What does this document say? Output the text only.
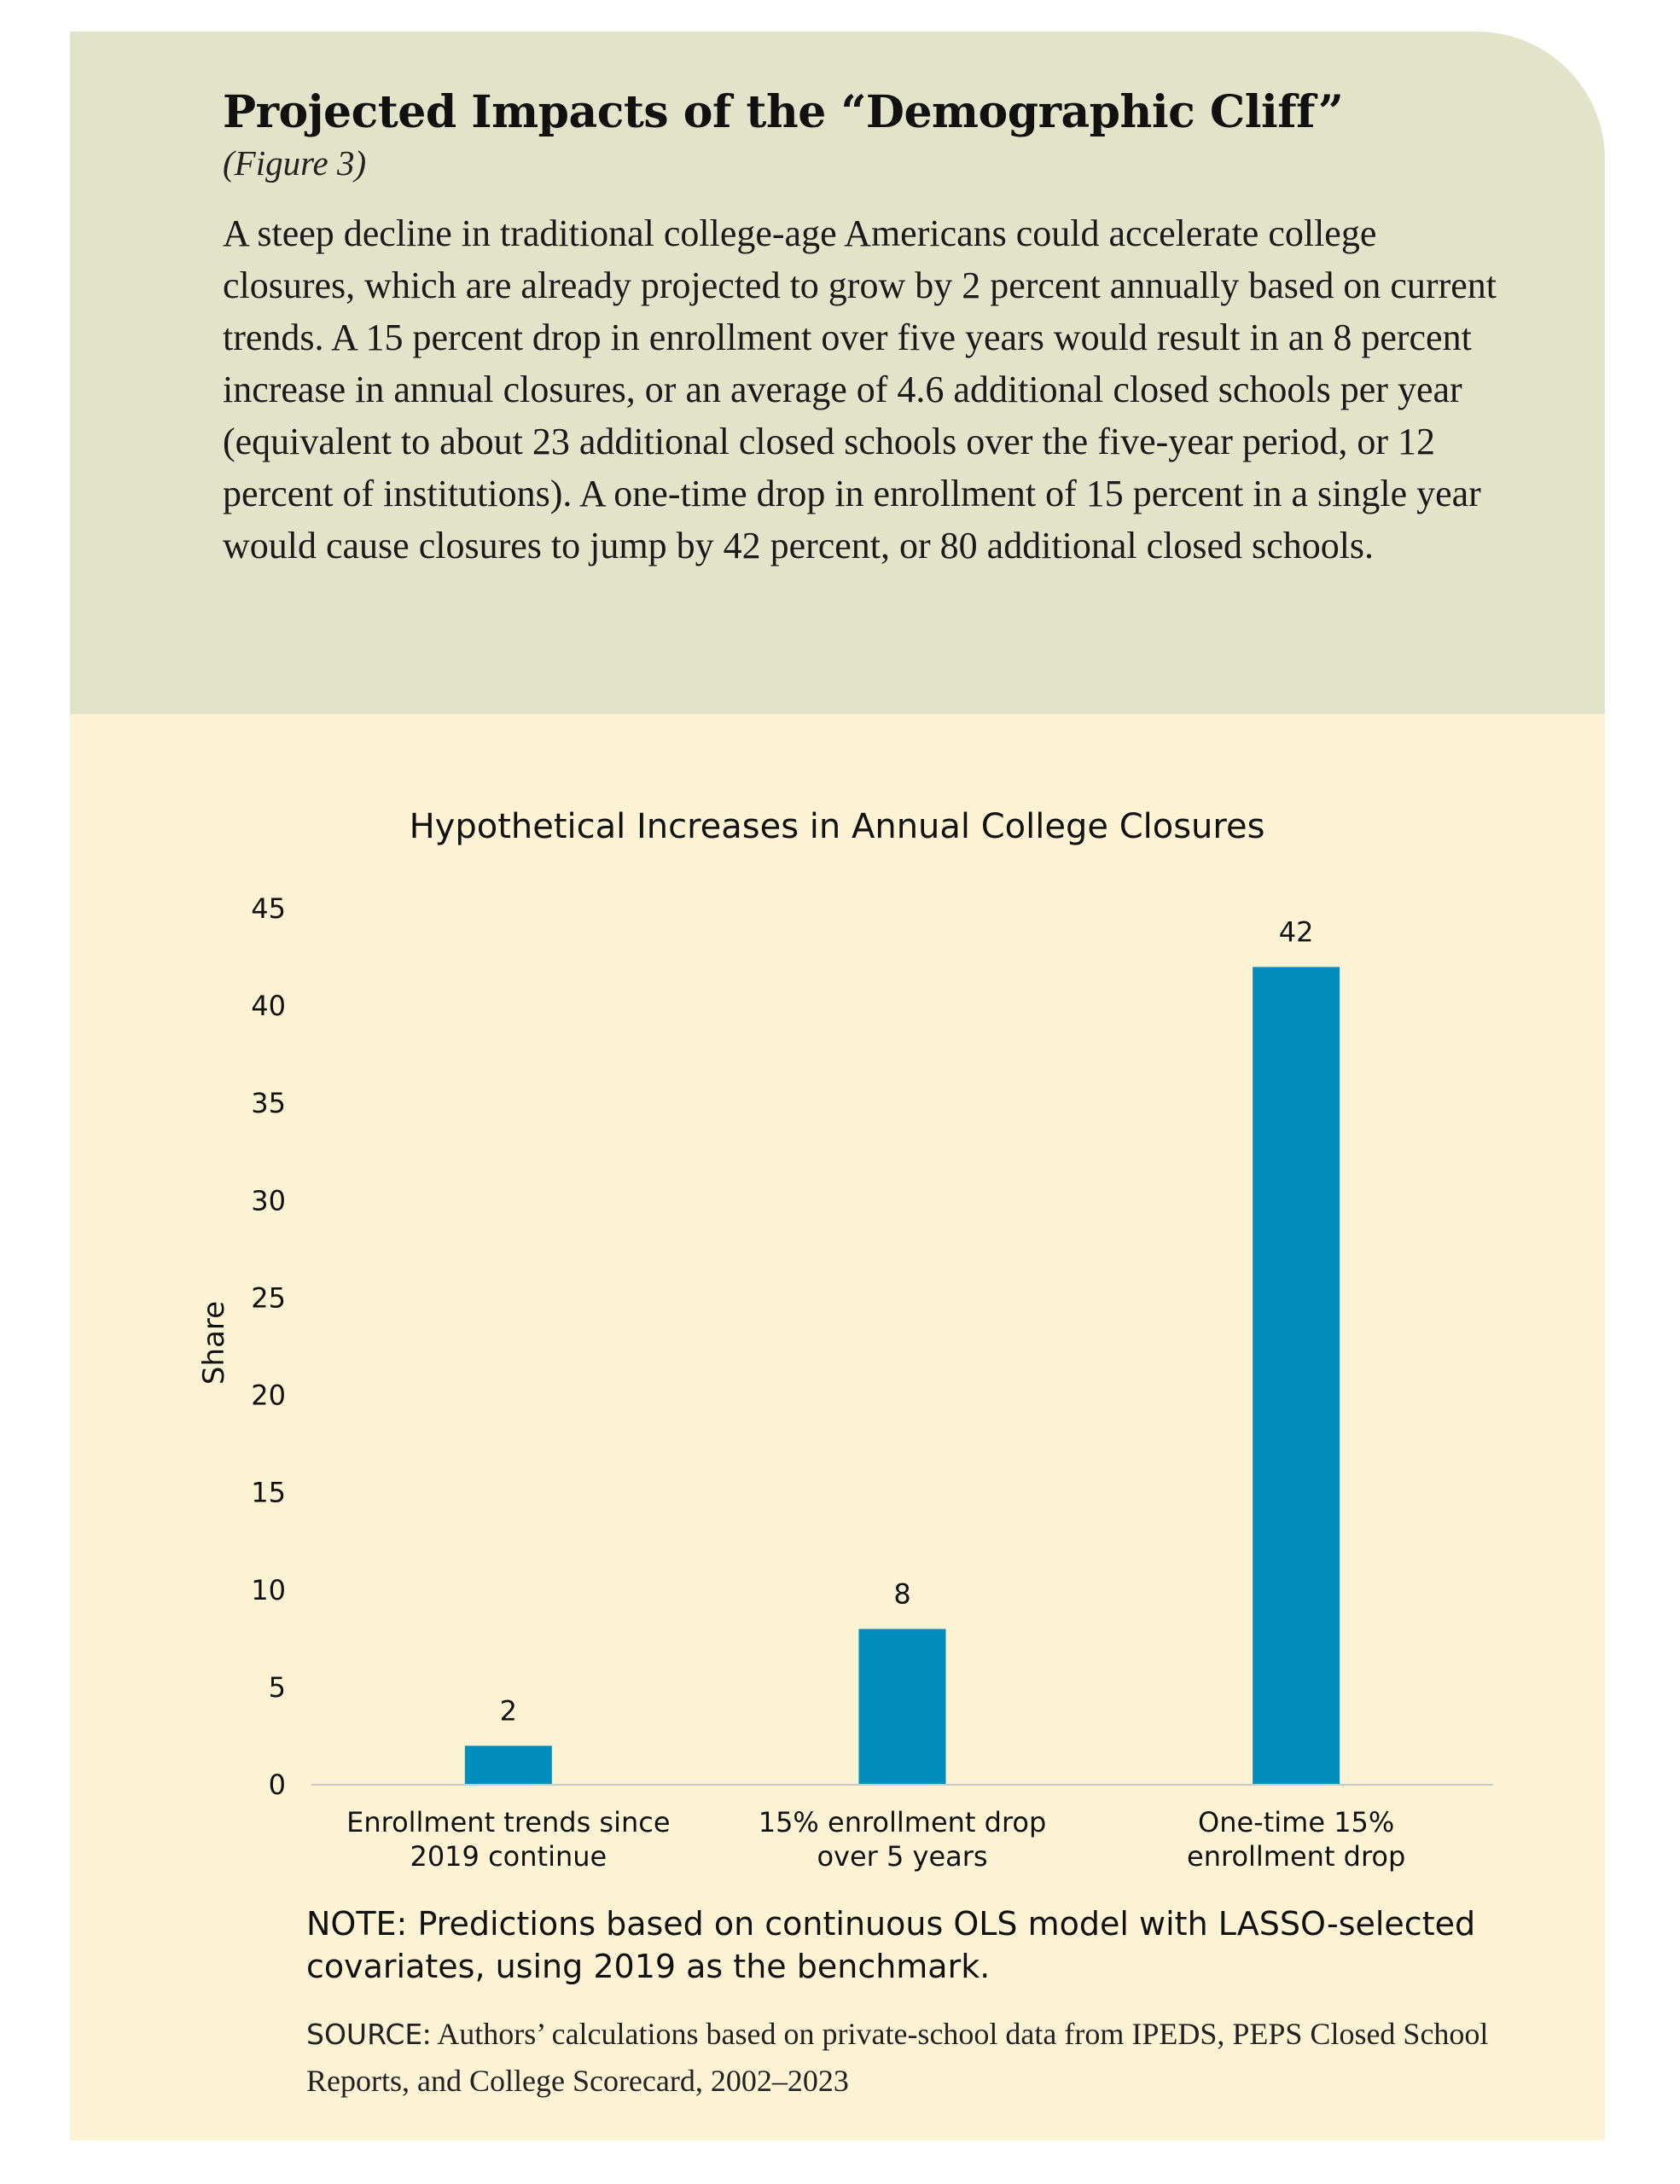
Projected Impacts of the “Demographic Cliff”

(Figure 3)

A steep decline in traditional college-age Americans could accelerate college closures, which are already projected to grow by 2 percent annually based on current trends. A 15 percent drop in enrollment over five years would result in an 8 percent increase in annual closures, or an average of 4.6 additional closed schools per year (equivalent to about 23 additional closed schools over the five-year period, or 12 percent of institutions). A one-time drop in enrollment of 15 percent in a single year would cause closures to jump by 42 percent, or 80 additional closed schools.

Hypothetical Increases in Annual College Closures
Share
0
5
10
15
20
25
30
35
40
45
2
8
42
Enrollment trends since
2019 continue
15% enrollment drop
over 5 years
One-time 15%
enrollment drop

NOTE: Predictions based on continuous OLS model with LASSO-selected covariates, using 2019 as the benchmark.

SOURCE: Authors’ calculations based on private-school data from IPEDS, PEPS Closed School Reports, and College Scorecard, 2002–2023
